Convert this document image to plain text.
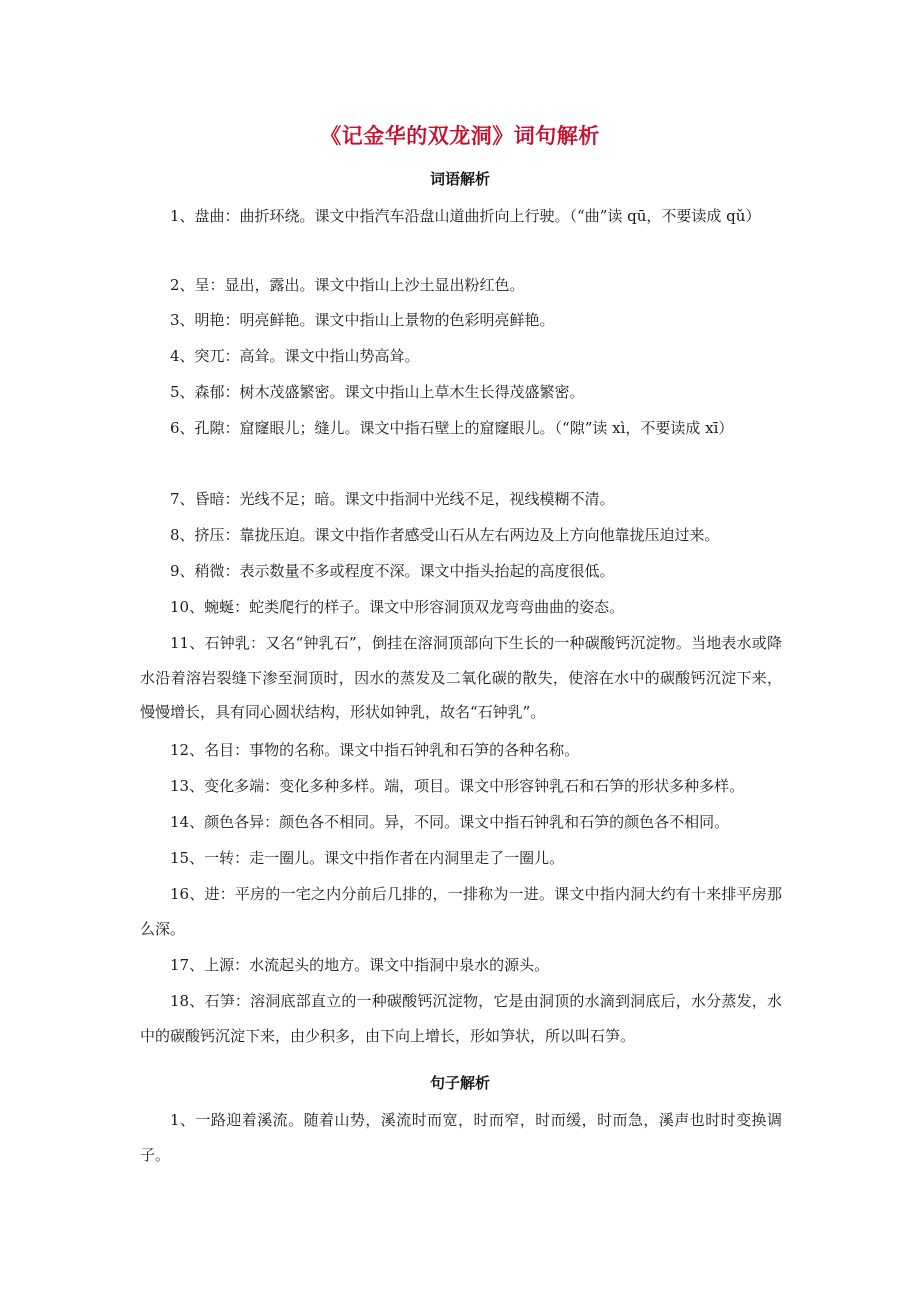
《记金华的双龙洞》词句解析
词语解析

1、盘曲：曲折环绕。课文中指汽车沿盘山道曲折向上行驶。（“曲”读 qū，不要读成 qǔ）

2、呈：显出，露出。课文中指山上沙土显出粉红色。

3、明艳：明亮鲜艳。课文中指山上景物的色彩明亮鲜艳。

4、突兀：高耸。课文中指山势高耸。

5、森郁：树木茂盛繁密。课文中指山上草木生长得茂盛繁密。

6、孔隙：窟窿眼儿；缝儿。课文中指石壁上的窟窿眼儿。（“隙”读 xì，不要读成 xī）

7、昏暗：光线不足；暗。课文中指洞中光线不足，视线模糊不清。

8、挤压：靠拢压迫。课文中指作者感受山石从左右两边及上方向他靠拢压迫过来。

9、稍微：表示数量不多或程度不深。课文中指头抬起的高度很低。

10、蜿蜒：蛇类爬行的样子。课文中形容洞顶双龙弯弯曲曲的姿态。

11、石钟乳：又名“钟乳石”，倒挂在溶洞顶部向下生长的一种碳酸钙沉淀物。当地表水或降水沿着溶岩裂缝下渗至洞顶时，因水的蒸发及二氧化碳的散失，使溶在水中的碳酸钙沉淀下来，慢慢增长，具有同心圆状结构，形状如钟乳，故名“石钟乳”。

12、名目：事物的名称。课文中指石钟乳和石笋的各种名称。

13、变化多端：变化多种多样。端，项目。课文中形容钟乳石和石笋的形状多种多样。

14、颜色各异：颜色各不相同。异，不同。课文中指石钟乳和石笋的颜色各不相同。

15、一转：走一圈儿。课文中指作者在内洞里走了一圈儿。

16、进：平房的一宅之内分前后几排的，一排称为一进。课文中指内洞大约有十来排平房那么深。

17、上源：水流起头的地方。课文中指洞中泉水的源头。

18、石笋：溶洞底部直立的一种碳酸钙沉淀物，它是由洞顶的水滴到洞底后，水分蒸发，水中的碳酸钙沉淀下来，由少积多，由下向上增长，形如笋状，所以叫石笋。

句子解析

1、一路迎着溪流。随着山势，溪流时而宽，时而窄，时而缓，时而急，溪声也时时变换调子。
